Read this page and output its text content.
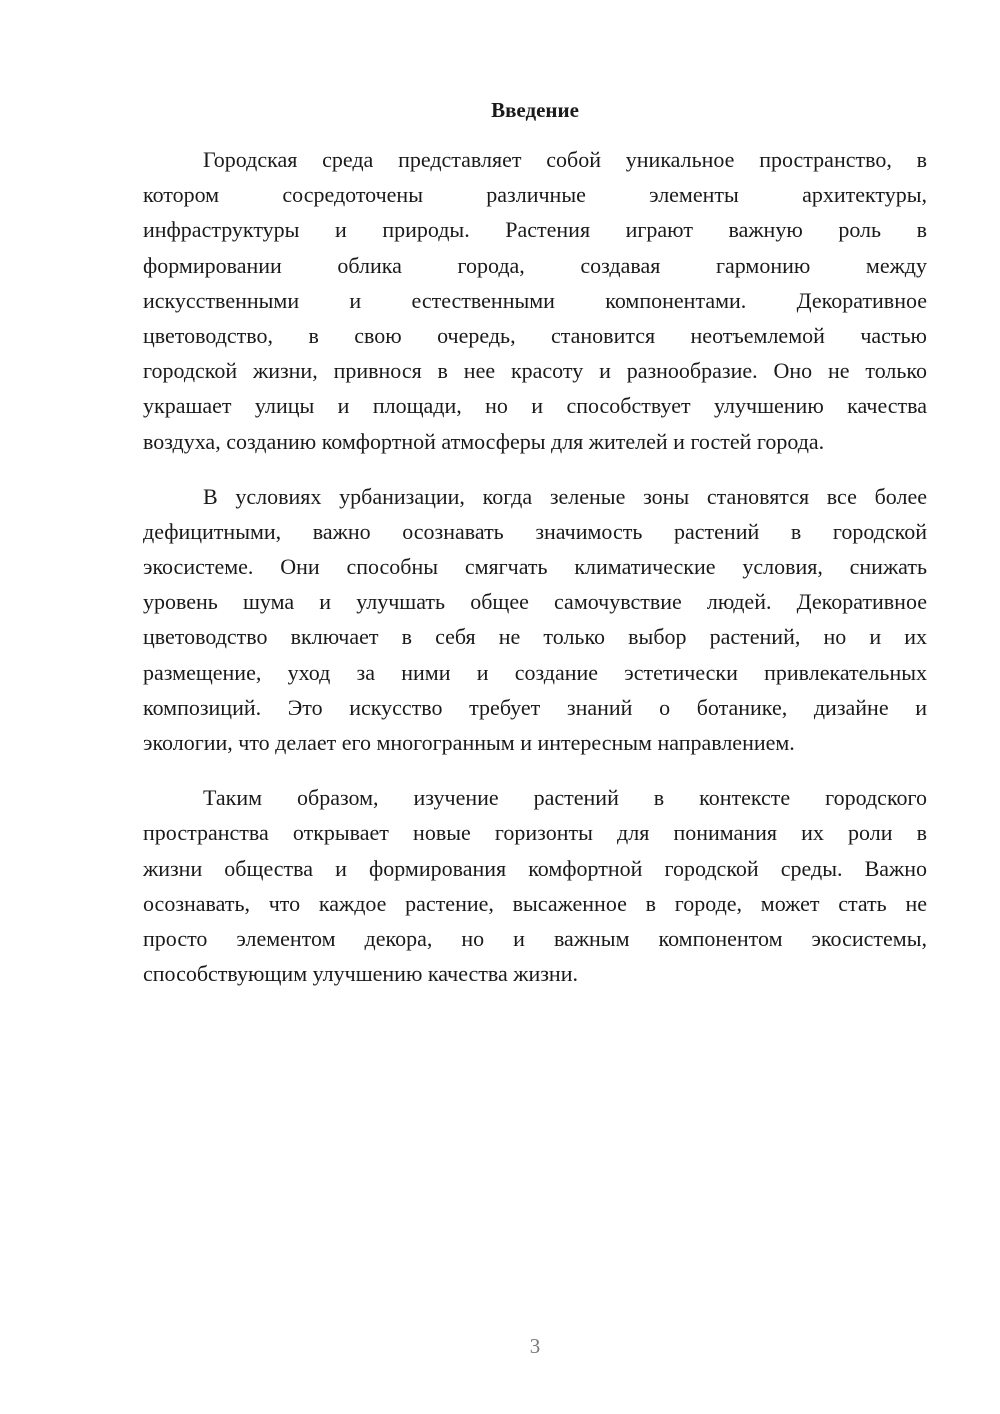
Введение
Городская среда представляет собой уникальное пространство, в
котором сосредоточены различные элементы архитектуры,
инфраструктуры и природы. Растения играют важную роль в
формировании облика города, создавая гармонию между
искусственными и естественными компонентами. Декоративное
цветоводство, в свою очередь, становится неотъемлемой частью
городской жизни, привнося в нее красоту и разнообразие. Оно не только
украшает улицы и площади, но и способствует улучшению качества
воздуха, созданию комфортной атмосферы для жителей и гостей города.
В условиях урбанизации, когда зеленые зоны становятся все более
дефицитными, важно осознавать значимость растений в городской
экосистеме. Они способны смягчать климатические условия, снижать
уровень шума и улучшать общее самочувствие людей. Декоративное
цветоводство включает в себя не только выбор растений, но и их
размещение, уход за ними и создание эстетически привлекательных
композиций. Это искусство требует знаний о ботанике, дизайне и
экологии, что делает его многогранным и интересным направлением.
Таким образом, изучение растений в контексте городского
пространства открывает новые горизонты для понимания их роли в
жизни общества и формирования комфортной городской среды. Важно
осознавать, что каждое растение, высаженное в городе, может стать не
просто элементом декора, но и важным компонентом экосистемы,
способствующим улучшению качества жизни.
3
